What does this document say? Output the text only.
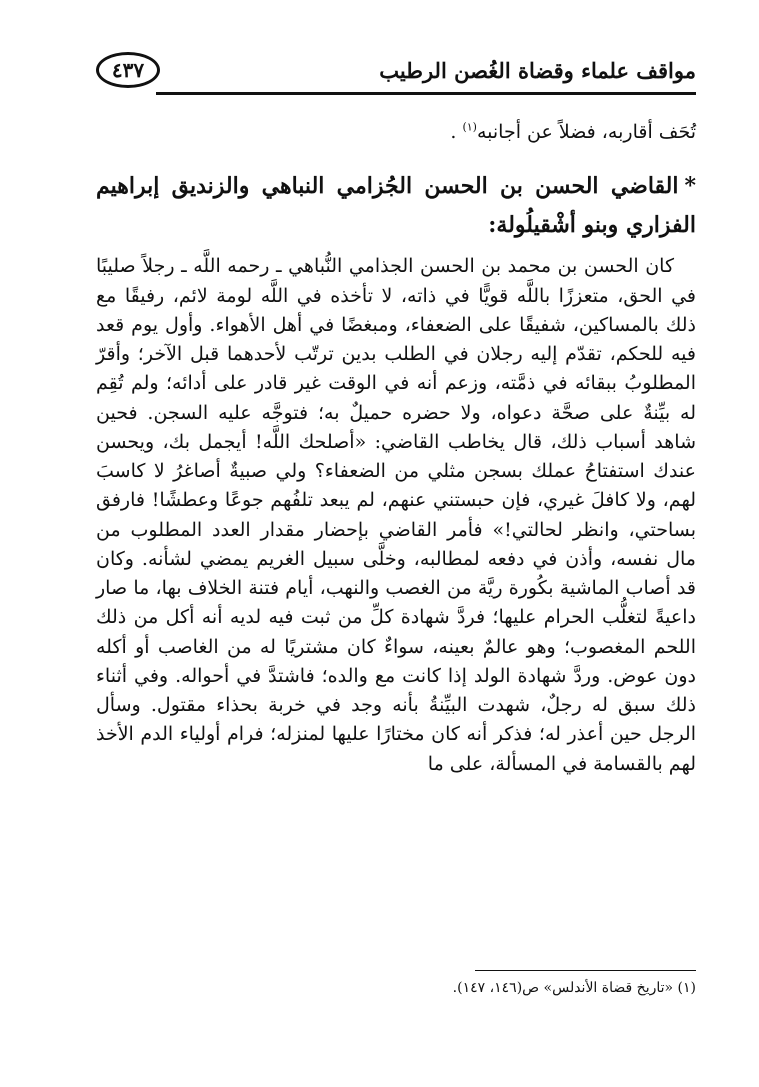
مواقف علماء وقضاة الغُصن الرطيب
٤٣٧

تُحَف أقاربه، فضلاً عن أجانبه$^{(١)}$ .

*القاضي الحسن بن الحسن الجُزامي النباهي والزنديق إبراهيم الفزاري وبنو أشْقيلُولة:

كان الحسن بن محمد بن الحسن الجذامي النُّباهي ـ رحمه اللَّه ـ رجلاً صليبًا في الحق، متعززًا باللَّه قويًّا في ذاته، لا تأخذه في اللَّه لومة لائم، رفيقًا مع ذلك بالمساكين، شفيقًا على الضعفاء، ومبغضًا في أهل الأهواء. وأول يوم قعد فيه للحكم، تقدّم إليه رجلان في الطلب بدين ترتّب لأحدهما قبل الآخر؛ وأقرّ المطلوبُ ببقائه في ذمَّته، وزعم أنه في الوقت غير قادر على أدائه؛ ولم تُقِم له بيِّنةٌ على صحَّة دعواه، ولا حضره حميلٌ به؛ فتوجَّه عليه السجن. فحين شاهد أسباب ذلك، قال يخاطب القاضي: «أصلحك اللَّه! أيجمل بك، ويحسن عندك استفتاحُ عملك بسجن مثلي من الضعفاء؟ ولي صبيةٌ أصاغرُ لا كاسبَ لهم، ولا كافلَ غيري، فإن حبستني عنهم، لم يبعد تلفُهم جوعًا وعطشًا! فارفق بساحتي، وانظر لحالتي!» فأمر القاضي بإحضار مقدار العدد المطلوب من مال نفسه، وأذن في دفعه لمطالبه، وخلَّى سبيل الغريم يمضي لشأنه. وكان قد أصاب الماشية بكُورة ريَّة من الغصب والنهب، أيام فتنة الخلاف بها، ما صار داعيةً لتغلُّب الحرام عليها؛ فردَّ شهادة كلِّ من ثبت فيه لديه أنه أكل من ذلك اللحم المغصوب؛ وهو عالمٌ بعينه، سواءٌ كان مشتريًا له من الغاصب أو أكله دون عوض. وردَّ شهادة الولد إذا كانت مع والده؛ فاشتدَّ في أحواله. وفي أثناء ذلك سبق له رجلٌ، شهدت البيِّنةُ بأنه وجد في خربة بحذاء مقتول. وسأل الرجل حين أعذر له؛ فذكر أنه كان مختارًا عليها لمنزله؛ فرام أولياء الدم الأخذ لهم بالقسامة في المسألة، على ما

(١) «تاريخ قضاة الأندلس» ص(١٤٦، ١٤٧).
